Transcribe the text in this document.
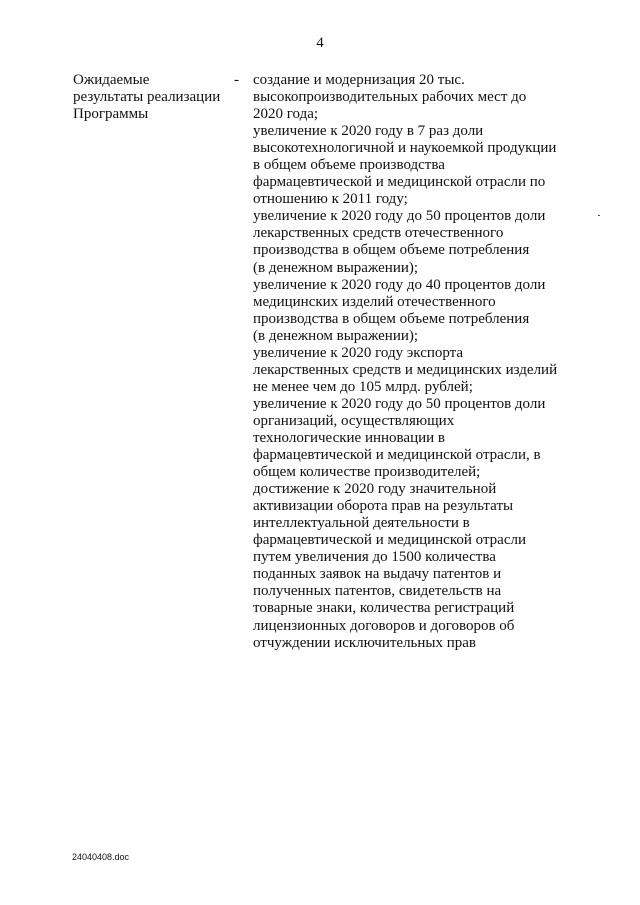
4
Ожидаемые
результаты реализации
Программы
- создание и модернизация 20 тыс.
высокопроизводительных рабочих мест до
2020 года;
увеличение к 2020 году в 7 раз доли
высокотехнологичной и наукоемкой продукции
в общем объеме производства
фармацевтической и медицинской отрасли по
отношению к 2011 году;
увеличение к 2020 году до 50 процентов доли
лекарственных средств отечественного
производства в общем объеме потребления
(в денежном выражении);
увеличение к 2020 году до 40 процентов доли
медицинских изделий отечественного
производства в общем объеме потребления
(в денежном выражении);
увеличение к 2020 году экспорта
лекарственных средств и медицинских изделий
не менее чем до 105 млрд. рублей;
увеличение к 2020 году до 50 процентов доли
организаций, осуществляющих
технологические инновации в
фармацевтической и медицинской отрасли, в
общем количестве производителей;
достижение к 2020 году значительной
активизации оборота прав на результаты
интеллектуальной деятельности в
фармацевтической и медицинской отрасли
путем увеличения до 1500 количества
поданных заявок на выдачу патентов и
полученных патентов, свидетельств на
товарные знаки, количества регистраций
лицензионных договоров и договоров об
отчуждении исключительных прав
24040408.doc
